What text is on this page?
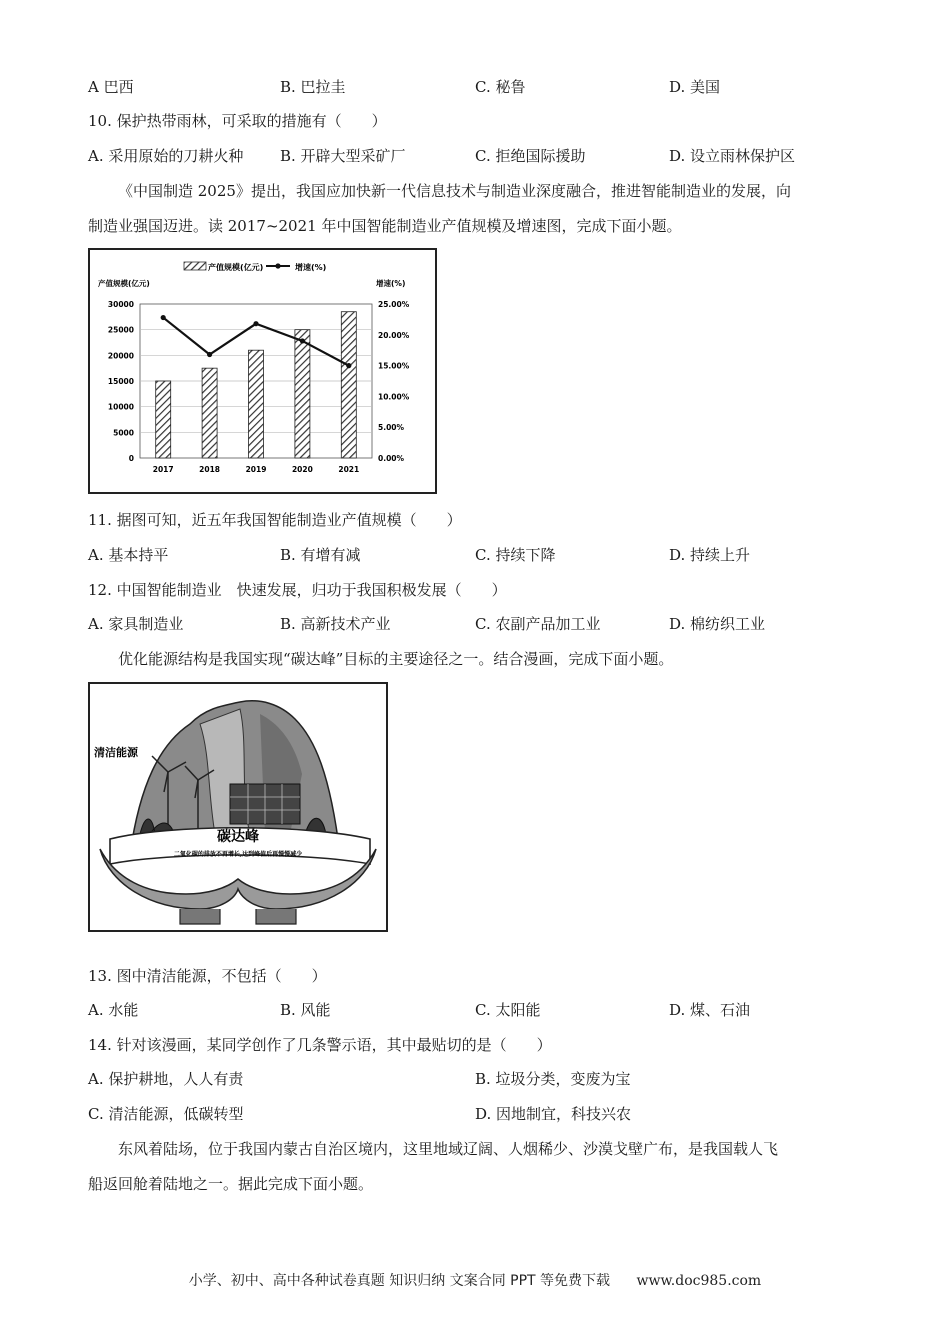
A 巴西	B. 巴拉圭	C. 秘鲁	D. 美国
10. 保护热带雨林，可采取的措施有（　　）
A. 采用原始的刀耕火种 B. 开辟大型采矿厂	C. 拒绝国际援助	D. 设立雨林保护区
《中国制造 2025》提出，我国应加快新一代信息技术与制造业深度融合，推进智能制造业的发展，向
制造业强国迈进。读 2017~2021 年中国智能制造业产值规模及增速图，完成下面小题。
产值规模(亿元)	增速(%)
产值规模(亿元)	增速(%)
0
5000
10000
15000
20000
25000
30000
0.00%
5.00%
10.00%
15.00%
20.00%
25.00%
2017	2018	2019	2020	2021
11. 据图可知，近五年我国智能制造业产值规模（　　）
A. 基本持平	B. 有增有减	C. 持续下降	D. 持续上升
12. 中国智能制造业　快速发展，归功于我国积极发展（　　）
A. 家具制造业	B. 高新技术产业	C. 农副产品加工业	D. 棉纺织工业
优化能源结构是我国实现“碳达峰”目标的主要途径之一。结合漫画，完成下面小题。
清洁能源
碳达峰
二氧化碳的排放不再增长,达到峰值后再慢慢减少
13. 图中清洁能源，不包括（　　）
A. 水能	B. 风能	C. 太阳能	D. 煤、石油
14. 针对该漫画，某同学创作了几条警示语，其中最贴切的是（　　）
A. 保护耕地，人人有责	B. 垃圾分类，变废为宝
C. 清洁能源，低碳转型	D. 因地制宜，科技兴农
东风着陆场，位于我国内蒙古自治区境内，这里地域辽阔、人烟稀少、沙漠戈壁广布，是我国载人飞
船返回舱着陆地之一。据此完成下面小题。
小学、初中、高中各种试卷真题 知识归纳 文案合同 PPT 等免费下载 www.doc985.com
